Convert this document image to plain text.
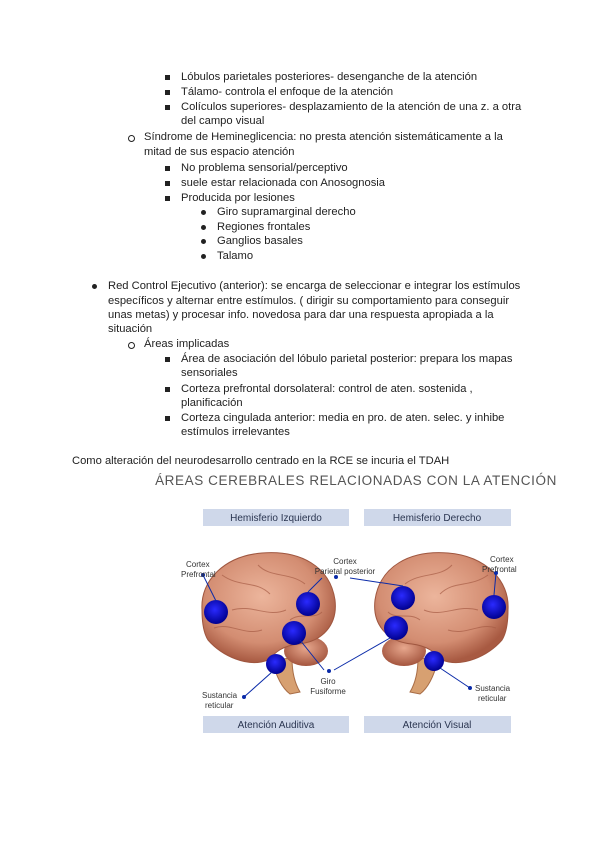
Lóbulos parietales posteriores- desenganche de la atención
Tálamo- controla el enfoque de la atención
Colículos superiores- desplazamiento de la atención de una z. a otra
del campo visual
Síndrome de Hemineglicencia: no presta atención sistemáticamente a la
mitad de sus espacio atención
No problema sensorial/perceptivo
suele estar relacionada con Anosognosia
Producida por lesiones
Giro supramarginal derecho
Regiones frontales
Ganglios basales
Talamo
Red Control Ejecutivo (anterior): se encarga de seleccionar e integrar los estímulos
específicos y alternar entre estímulos. ( dirigir su comportamiento para conseguir
unas metas) y procesar info. novedosa para dar una respuesta apropiada a la
situación
Áreas implicadas
Área de asociación del lóbulo parietal posterior: prepara los mapas
sensoriales
Corteza prefrontal dorsolateral: control de aten. sostenida ,
planificación
Corteza cingulada anterior: media en pro. de aten. selec. y inhibe
estímulos irrelevantes
Como alteración del neurodesarrollo centrado en la RCE se incuria el TDAH
ÁREAS CEREBRALES RELACIONADAS CON LA ATENCIÓN
Hemisferio Izquierdo	Hemisferio Derecho
Cortex
Prefrontal
Cortex
Parietal posterior
Cortex
Prefrontal
Giro
Fusiforme
Sustancia
reticular
Sustancia
reticular
Atención Auditiva	Atención Visual
